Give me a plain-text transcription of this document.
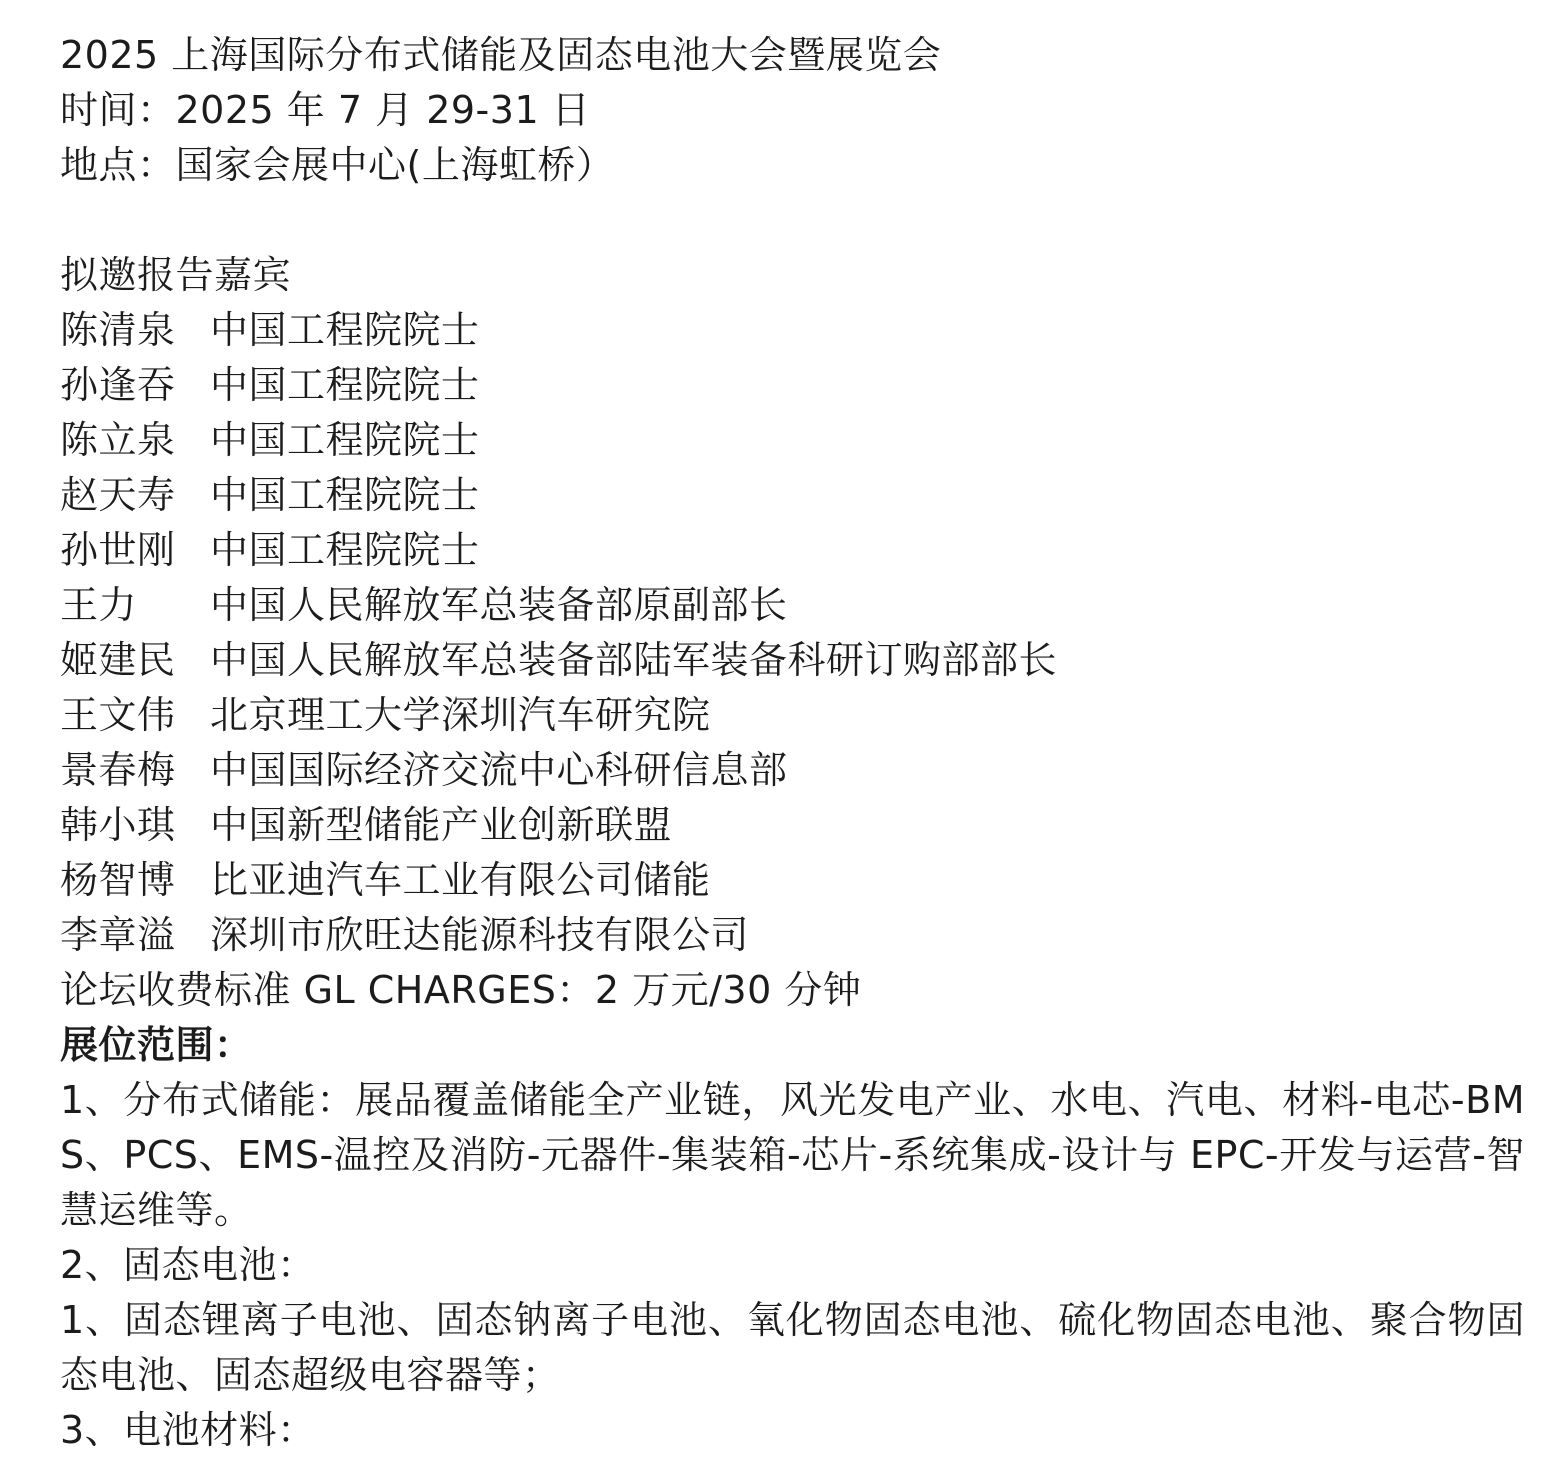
2025 上海国际分布式储能及固态电池大会暨展览会
时间：2025 年 7 月 29-31 日
地点：国家会展中心(上海虹桥）
拟邀报告嘉宾
陈清泉 中国工程院院士
孙逢吞 中国工程院院士
陈立泉 中国工程院院士
赵天寿 中国工程院院士
孙世刚 中国工程院院士
王力 中国人民解放军总装备部原副部长
姬建民 中国人民解放军总装备部陆军装备科研订购部部长
王文伟 北京理工大学深圳汽车研究院
景春梅 中国国际经济交流中心科研信息部
韩小琪 中国新型储能产业创新联盟
杨智博 比亚迪汽车工业有限公司储能
李章溢 深圳市欣旺达能源科技有限公司
论坛收费标准 GL CHARGES：2 万元/30 分钟
展位范围：
1、分布式储能：展品覆盖储能全产业链，风光发电产业、水电、汽电、材料-电芯-BMS、PCS、EMS-温控及消防-元器件-集装箱-芯片-系统集成-设计与 EPC-开发与运营-智慧运维等。
2、固态电池：
1、固态锂离子电池、固态钠离子电池、氧化物固态电池、硫化物固态电池、聚合物固态电池、固态超级电容器等；
3、电池材料：
